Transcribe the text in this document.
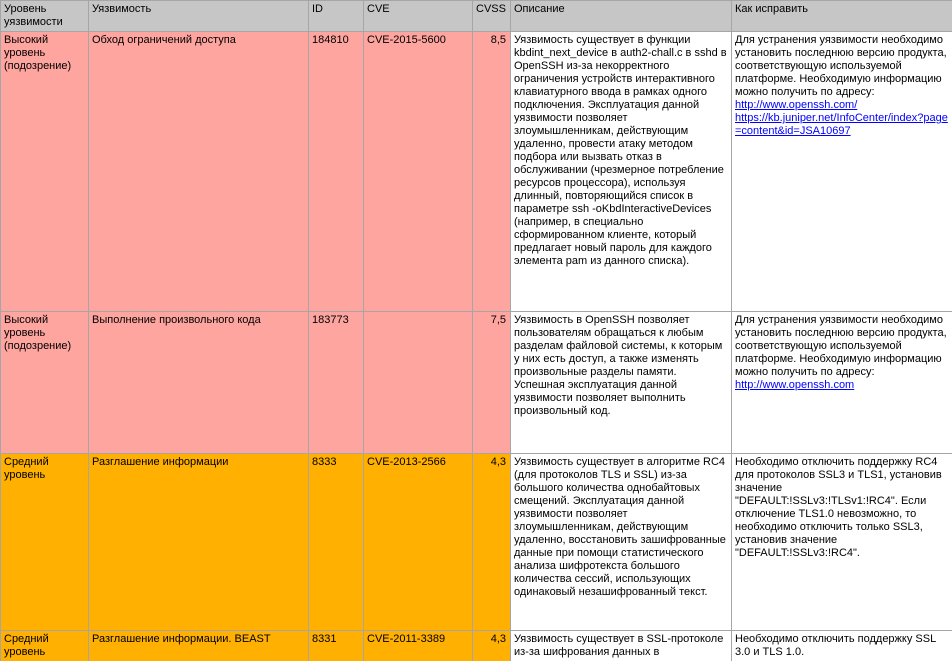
Уровень уязвимости	Уязвимость	ID	CVE	CVSS	Описание	Как исправить
Высокий уровень (подозрение)	Обход ограничений доступа	184810	CVE-2015-5600	8,5	Уязвимость существует в функции kbdint_next_device в auth2-chall.c в sshd в OpenSSH из-за некорректного ограничения устройств интерактивного клавиатурного ввода в рамках одного подключения. Эксплуатация данной уязвимости позволяет злоумышленникам, действующим удаленно, провести атаку методом подбора или вызвать отказ в обслуживании (чрезмерное потребление ресурсов процессора), используя длинный, повторяющийся список в параметре ssh -oKbdInteractiveDevices (например, в специально сформированном клиенте, который предлагает новый пароль для каждого элемента pam из данного списка).	Для устранения уязвимости необходимо установить последнюю версию продукта, соответствующую используемой платформе. Необходимую информацию можно получить по адресу:
http://www.openssh.com/
https://kb.juniper.net/InfoCenter/index?page=content&id=JSA10697
Высокий уровень (подозрение)	Выполнение произвольного кода	183773		7,5	Уязвимость в OpenSSH позволяет пользователям обращаться к любым разделам файловой системы, к которым у них есть доступ, а также изменять произвольные разделы памяти. Успешная эксплуатация данной уязвимости позволяет выполнить произвольный код.	Для устранения уязвимости необходимо установить последнюю версию продукта, соответствующую используемой платформе. Необходимую информацию можно получить по адресу:
http://www.openssh.com
Средний уровень	Разглашение информации	8333	CVE-2013-2566	4,3	Уязвимость существует в алгоритме RC4 (для протоколов TLS и SSL) из-за большого количества однобайтовых смещений. Эксплуатация данной уязвимости позволяет злоумышленникам, действующим удаленно, восстановить зашифрованные данные при помощи статистического анализа шифротекста большого количества сессий, использующих одинаковый незашифрованный текст.	Необходимо отключить поддержку RC4 для протоколов SSL3 и TLS1, установив значение "DEFAULT:!SSLv3:!TLSv1:!RC4". Если отключение TLS1.0 невозможно, то необходимо отключить только SSL3, установив значение "DEFAULT:!SSLv3:!RC4".
Средний уровень	Разглашение информации. BEAST	8331	CVE-2011-3389	4,3	Уязвимость существует в SSL-протоколе из-за шифрования данных в	Необходимо отключить поддержку SSL 3.0 и TLS 1.0.
